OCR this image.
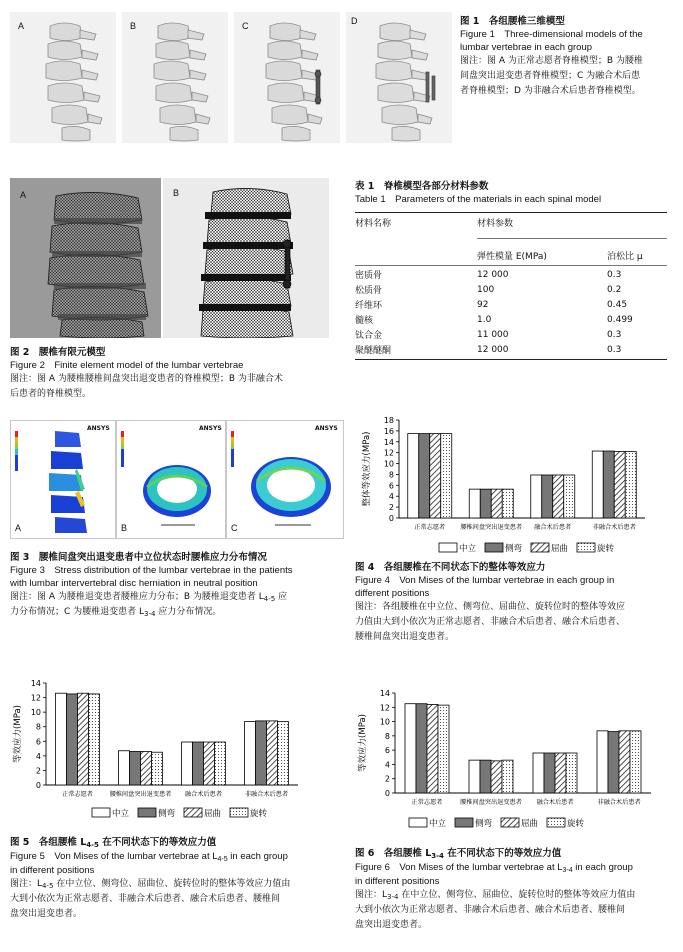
A	B	C	D	图 1　各组腰椎三维模型
Figure 1　Three-dimensional models of the
lumbar vertebrae in each group
图注：图 A 为正常志愿者脊椎模型；B 为腰椎
间盘突出退变患者脊椎模型；C 为融合术后患
者脊椎模型；D 为非融合术后患者脊椎模型。
A	B
图 2　腰椎有限元模型
Figure 2　Finite element model of the lumbar vertebrae
图注：图 A 为腰椎腰椎间盘突出退变患者的脊椎模型；B 为非融合术
后患者的脊椎模型。
A
ANSYS
B
ANSYS
C
ANSYS
图 3　腰椎间盘突出退变患者中立位状态时腰椎应力分布情况
Figure 3　Stress distribution of the lumbar vertebrae in the patients
with lumbar intervertebral disc herniation in neutral position
图注：图 A 为腰椎退变患者腰椎应力分布；B 为腰椎退变患者 $L_{4-5}$ 应
力分布情况；C 为腰椎退变患者 $L_{3-4}$ 应力分布情况。
表 1　脊椎模型各部分材料参数
Table 1　Parameters of the materials in each spinal model
材料名称	材料参数	

	弹性模量 E(MPa)	泊松比 μ

密质骨	12 000	0.3
松质骨	100	0.2
纤维环	92	0.45
髓核	1.0	0.499
钛合金	11 000	0.3
聚醚醚酮	12 000	0.3
0
2
4
6
8
10
12
14
16
18
整体等效应力(MPa)
正常志愿者 腰椎间盘突出退变患者 融合术后患者	非融合术后患者
中立	侧弯	屈曲	旋转
图 4　各组腰椎在不同状态下的整体等效应力
Figure 4　Von Mises of the lumbar vertebrae in each group in
different positions
图注：各组腰椎在中立位、侧弯位、屈曲位、旋转位时的整体等效应
力值由大到小依次为正常志愿者、非融合术后患者、融合术后患者、
腰椎间盘突出退变患者。
0
2
4
6
8
10
12
14
等效应力(MPa)
正常志愿者	腰椎间盘突出退变患者 融合术后患者	非融合术后患者
中立	侧弯	屈曲	旋转
图 5　各组腰椎 $L_{4-5}$ 在不同状态下的等效应力值
Figure 5　Von Mises of the lumbar vertebrae at $L_{4-5}$ in each group
in different positions
图注：$L_{4-5}$ 在中立位、侧弯位、屈曲位、旋转位时的整体等效应力值由
大到小依次为正常志愿者、非融合术后患者、融合术后患者、腰椎间
盘突出退变患者。
0
2
4
6
8
10
12
14
等效应力(MPa)
正常志愿者	腰椎间盘突出退变患者 融合术后患者	非融合术后患者
中立	侧弯	屈曲	旋转
图 6　各组腰椎 $L_{3-4}$ 在不同状态下的等效应力值
Figure 6　Von Mises of the lumbar vertebrae at $L_{3-4}$ in each group
in different positions
图注：$L_{3-4}$ 在中立位、侧弯位、屈曲位、旋转位时的整体等效应力值由
大到小依次为正常志愿者、非融合术后患者、融合术后患者、腰椎间
盘突出退变患者。
